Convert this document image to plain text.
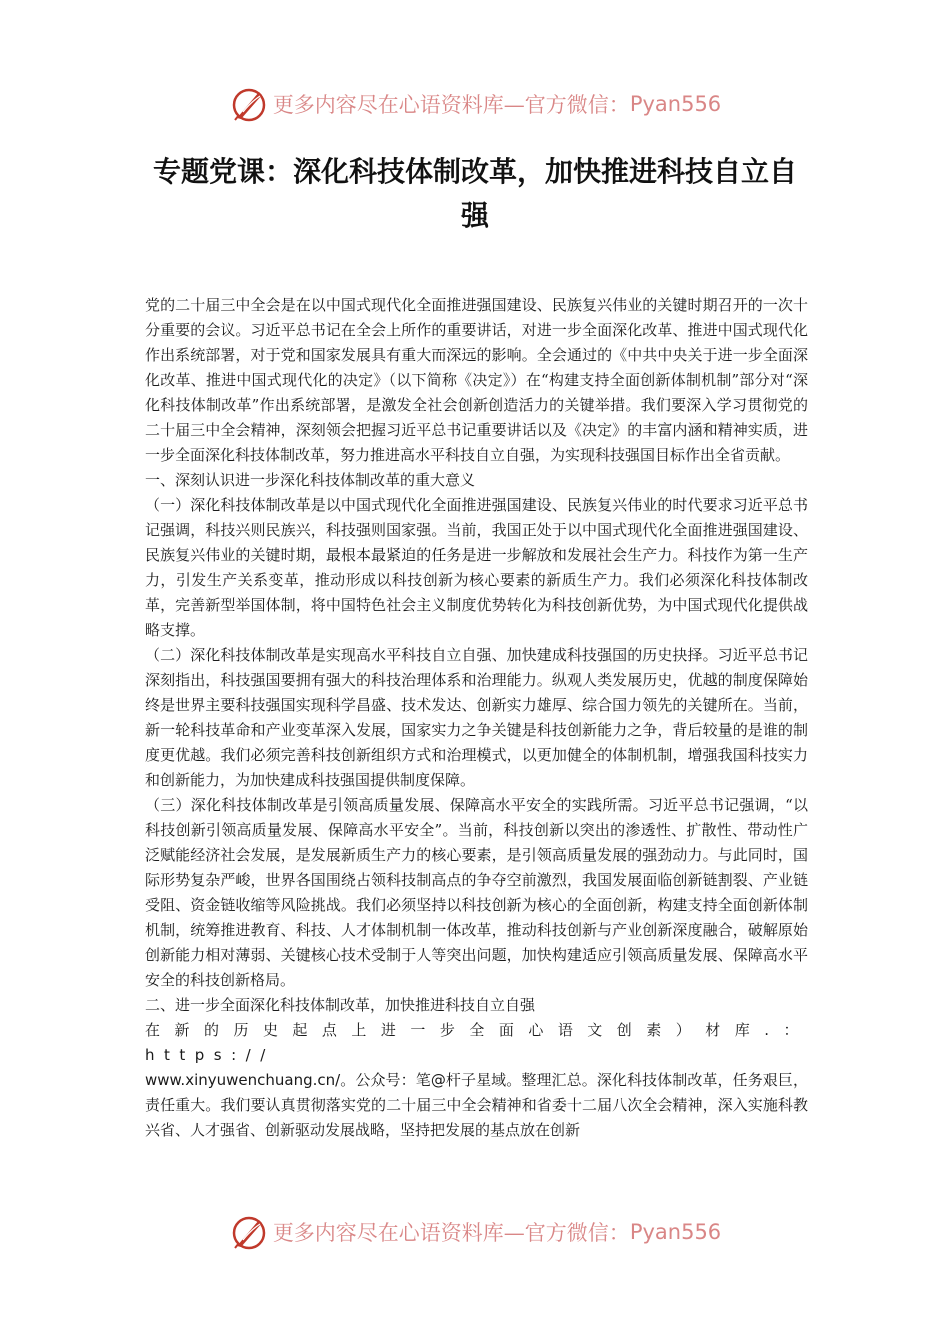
更多内容尽在心语资料库—官方微信： Pyan556
专题党课：深化科技体制改革，加快推进科技自立自强

党的二十届三中全会是在以中国式现代化全面推进强国建设、民族复兴伟业的关键时期召开的一次十分重要的会议。习近平总书记在全会上所作的重要讲话，对进一步全面深化改革、推进中国式现代化作出系统部署，对于党和国家发展具有重大而深远的影响。全会通过的《中共中央关于进一步全面深化改革、推进中国式现代化的决定》（以下简称《决定》）在“构建支持全面创新体制机制”部分对“深化科技体制改革”作出系统部署，是激发全社会创新创造活力的关键举措。我们要深入学习贯彻党的二十届三中全会精神，深刻领会把握习近平总书记重要讲话以及《决定》的丰富内涵和精神实质，进一步全面深化科技体制改革，努力推进高水平科技自立自强，为实现科技强国目标作出全省贡献。

一、深刻认识进一步深化科技体制改革的重大意义

（一）深化科技体制改革是以中国式现代化全面推进强国建设、民族复兴伟业的时代要求习近平总书记强调，科技兴则民族兴，科技强则国家强。当前，我国正处于以中国式现代化全面推进强国建设、民族复兴伟业的关键时期，最根本最紧迫的任务是进一步解放和发展社会生产力。科技作为第一生产力，引发生产关系变革，推动形成以科技创新为核心要素的新质生产力。我们必须深化科技体制改革，完善新型举国体制，将中国特色社会主义制度优势转化为科技创新优势，为中国式现代化提供战略支撑。

（二）深化科技体制改革是实现高水平科技自立自强、加快建成科技强国的历史抉择。习近平总书记深刻指出，科技强国要拥有强大的科技治理体系和治理能力。纵观人类发展历史，优越的制度保障始终是世界主要科技强国实现科学昌盛、技术发达、创新实力雄厚、综合国力领先的关键所在。当前，新一轮科技革命和产业变革深入发展，国家实力之争关键是科技创新能力之争，背后较量的是谁的制度更优越。我们必须完善科技创新组织方式和治理模式，以更加健全的体制机制，增强我国科技实力和创新能力，为加快建成科技强国提供制度保障。

（三）深化科技体制改革是引领高质量发展、保障高水平安全的实践所需。习近平总书记强调，“以科技创新引领高质量发展、保障高水平安全”。当前，科技创新以突出的渗透性、扩散性、带动性广泛赋能经济社会发展，是发展新质生产力的核心要素，是引领高质量发展的强劲动力。与此同时，国际形势复杂严峻，世界各国围绕占领科技制高点的争夺空前激烈，我国发展面临创新链割裂、产业链受阻、资金链收缩等风险挑战。我们必须坚持以科技创新为核心的全面创新，构建支持全面创新体制机制，统筹推进教育、科技、人才体制机制一体改革，推动科技创新与产业创新深度融合，破解原始创新能力相对薄弱、关键核心技术受制于人等突出问题，加快构建适应引领高质量发展、保障高水平安全的科技创新格局。

二、进一步全面深化科技体制改革，加快推进科技自立自强

在新的历史起点上进一步全面心语文创素）材库.：https://

www.xinyuwenchuang.cn/。公众号：笔@杆子星域。整理汇总。深化科技体制改革，任务艰巨，责任重大。我们要认真贯彻落实党的二十届三中全会精神和省委十二届八次全会精神，深入实施科教兴省、人才强省、创新驱动发展战略，坚持把发展的基点放在创新

更多内容尽在心语资料库—官方微信： Pyan556
